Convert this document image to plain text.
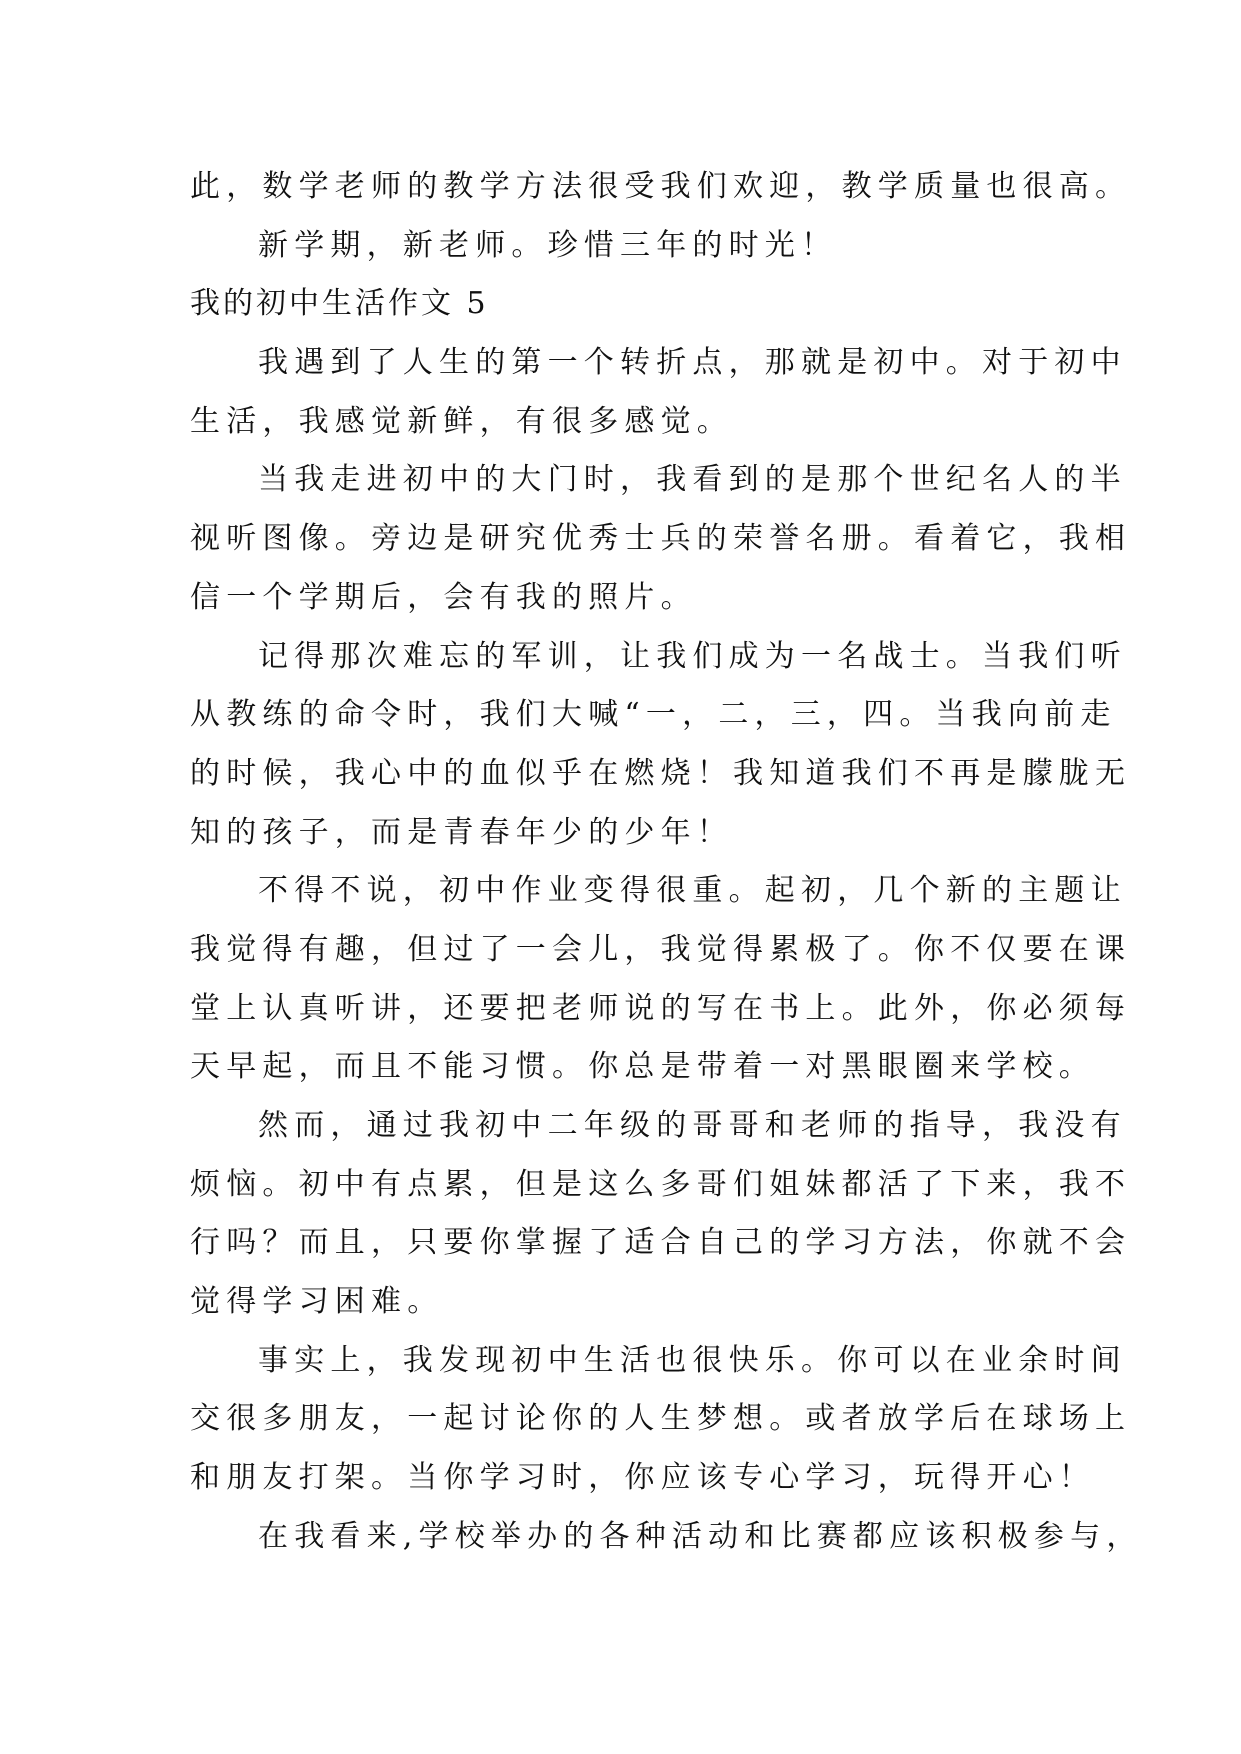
此，数学老师的教学方法很受我们欢迎，教学质量也很高。
新学期，新老师。珍惜三年的时光！
我的初中生活作文 5
我遇到了人生的第一个转折点，那就是初中。对于初中
生活，我感觉新鲜，有很多感觉。
当我走进初中的大门时，我看到的是那个世纪名人的半
视听图像。旁边是研究优秀士兵的荣誉名册。看着它，我相
信一个学期后，会有我的照片。
记得那次难忘的军训，让我们成为一名战士。当我们听
从教练的命令时，我们大喊“一，二，三，四。当我向前走
的时候，我心中的血似乎在燃烧！我知道我们不再是朦胧无
知的孩子，而是青春年少的少年！
不得不说，初中作业变得很重。起初，几个新的主题让
我觉得有趣，但过了一会儿，我觉得累极了。你不仅要在课
堂上认真听讲，还要把老师说的写在书上。此外，你必须每
天早起，而且不能习惯。你总是带着一对黑眼圈来学校。
然而，通过我初中二年级的哥哥和老师的指导，我没有
烦恼。初中有点累，但是这么多哥们姐妹都活了下来，我不
行吗？而且，只要你掌握了适合自己的学习方法，你就不会
觉得学习困难。
事实上，我发现初中生活也很快乐。你可以在业余时间
交很多朋友，一起讨论你的人生梦想。或者放学后在球场上
和朋友打架。当你学习时，你应该专心学习，玩得开心！
在我看来,学校举办的各种活动和比赛都应该积极参与，
